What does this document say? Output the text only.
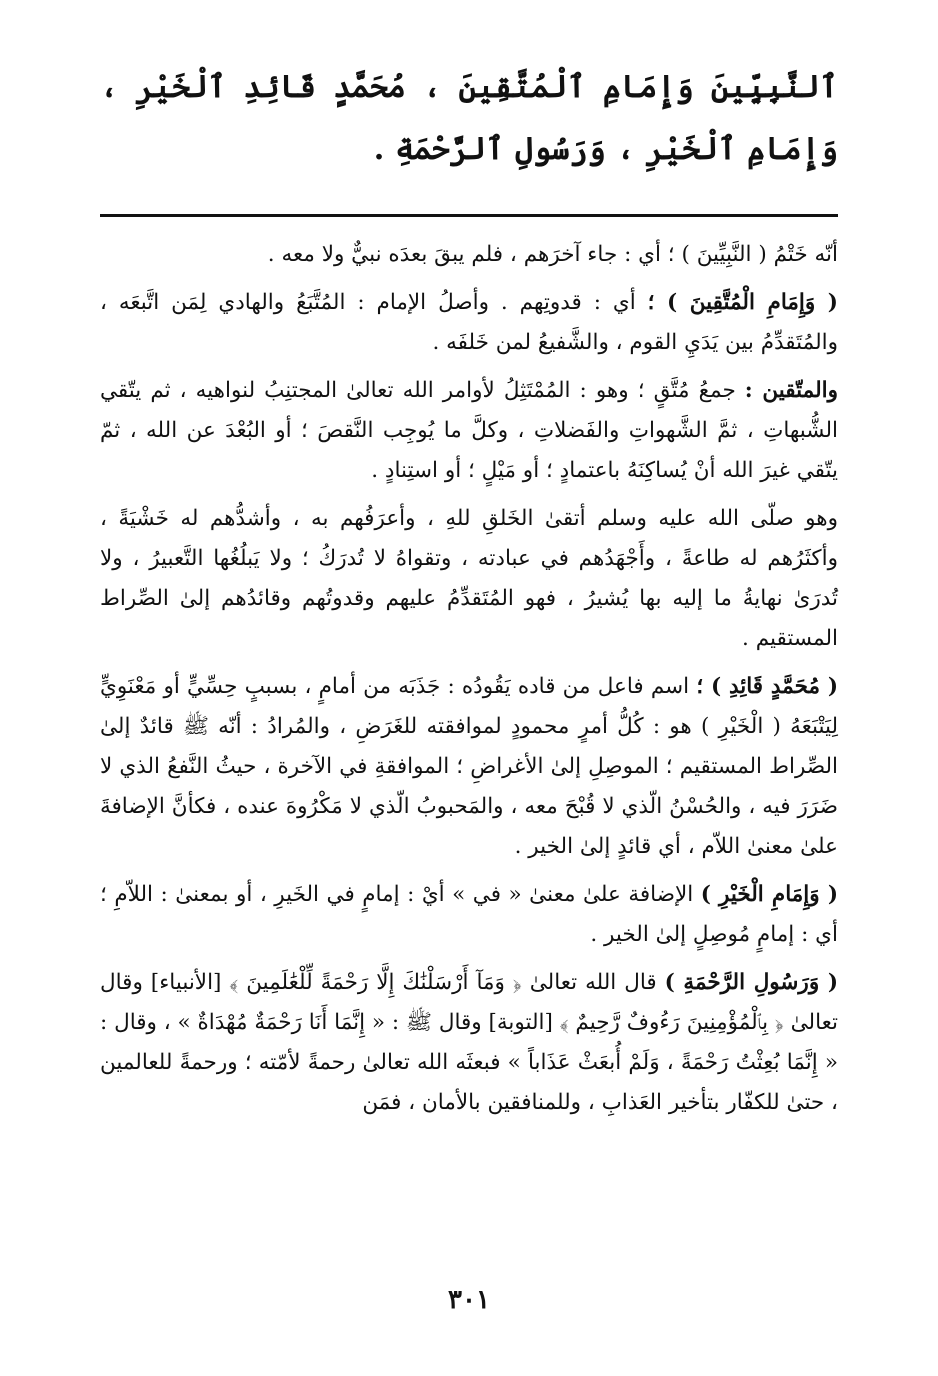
ٱلنَّبِيِّينَ وَإِمَامِ ٱلْمُتَّقِينَ ، مُحَمَّدٍ قَائِدِ ٱلْخَيْرِ ، وَإِمَامِ ٱلْخَيْرِ ، وَرَسُولِ ٱلرَّحْمَةِ .

أنّه خَتْمُ ( النَّبِيِّينَ ) ؛ أي : جاء آخرَهم ، فلم يبقَ بعدَه نبيٌّ ولا معه .

( وَإِمَامِ الْمُتَّقِينَ ) ؛ أي : قدوتِهم . وأصلُ الإمام : المُتَّبَعُ والهادي لِمَن اتَّبعَه ، والمُتَقدِّمُ بين يَدَيِ القوم ، والشَّفيعُ لمن خَلفَه .

والمتّقين : جمعُ مُتَّقٍ ؛ وهو : المُمْتَثِلُ لأوامر الله تعالىٰ المجتنِبُ لنواهيه ، ثم يتّقي الشُّبهاتِ ، ثمَّ الشَّهواتِ والفَضلاتِ ، وكلَّ ما يُوجِب النَّقصَ ؛ أو البُعْدَ عن الله ، ثمّ يتّقي غيرَ الله أنْ يُساكِنَهُ باعتمادٍ ؛ أو مَيْلٍ ؛ أو استِنادٍ .

وهو صلّى الله عليه وسلم أتقىٰ الخَلقِ للهِ ، وأعرَفُهم به ، وأشدُّهم له خَشْيَةً ، وأكثَرُهم له طاعةً ، وأَجْهَدُهم في عبادته ، وتقواهُ لا تُدرَكُ ؛ ولا يَبلُغُها التَّعبيرُ ، ولا تُدرَىٰ نهايةُ ما إليه بها يُشيرُ ، فهو المُتَقدِّمُ عليهم وقدوتُهم وقائدُهم إلىٰ الصِّراط المستقيم .

( مُحَمَّدٍ قَائِدِ ) ؛ اسم فاعل من قاده يَقُودُه : جَذَبَه من أمامٍ ، بسببٍ حِسِّيٍّ أو مَعْنَوِيٍّ لِيَتْبَعَهُ ( الْخَيْرِ ) هو : كُلُّ أمرٍ محمودٍ لموافقته للغَرَضِ ، والمُرادُ : أنّه ﷺ قائدٌ إلىٰ الصِّراط المستقيم ؛ الموصِلِ إلىٰ الأغراضِ ؛ الموافقةِ في الآخرة ، حيثُ النَّفعُ الذي لا ضَرَرَ فيه ، والحُسْنُ الّذي لا قُبْحَ معه ، والمَحبوبُ الّذي لا مَكْرُوهَ عنده ، فكأنَّ الإضافةَ علىٰ معنىٰ اللاّم ، أي قائدٍ إلىٰ الخير .

( وَإِمَامِ الْخَيْرِ ) الإضافة علىٰ معنىٰ « في » أيْ : إمامٍ في الخَيرِ ، أو بمعنىٰ : اللاّمِ ؛ أي : إمامٍ مُوصِلٍ إلىٰ الخير .

( وَرَسُولِ الرَّحْمَةِ ) قال الله تعالىٰ ﴿ وَمَآ أَرْسَلْنَٰكَ إِلَّا رَحْمَةً لِّلْعَٰلَمِينَ ﴾ [الأنبياء] وقال تعالىٰ ﴿ بِٱلْمُؤْمِنِينَ رَءُوفٌ رَّحِيمٌ ﴾ [التوبة] وقال ﷺ : « إِنَّمَا أَنَا رَحْمَةٌ مُهْدَاةٌ » ، وقال : « إِنَّمَا بُعِثْتُ رَحْمَةً ، وَلَمْ أُبعَثْ عَذَاباً » فبعثَه الله تعالىٰ رحمةً لأمّته ؛ ورحمةً للعالمين ، حتىٰ للكفّار بتأخير العَذابِ ، وللمنافقين بالأمان ، فمَن

٣٠١
